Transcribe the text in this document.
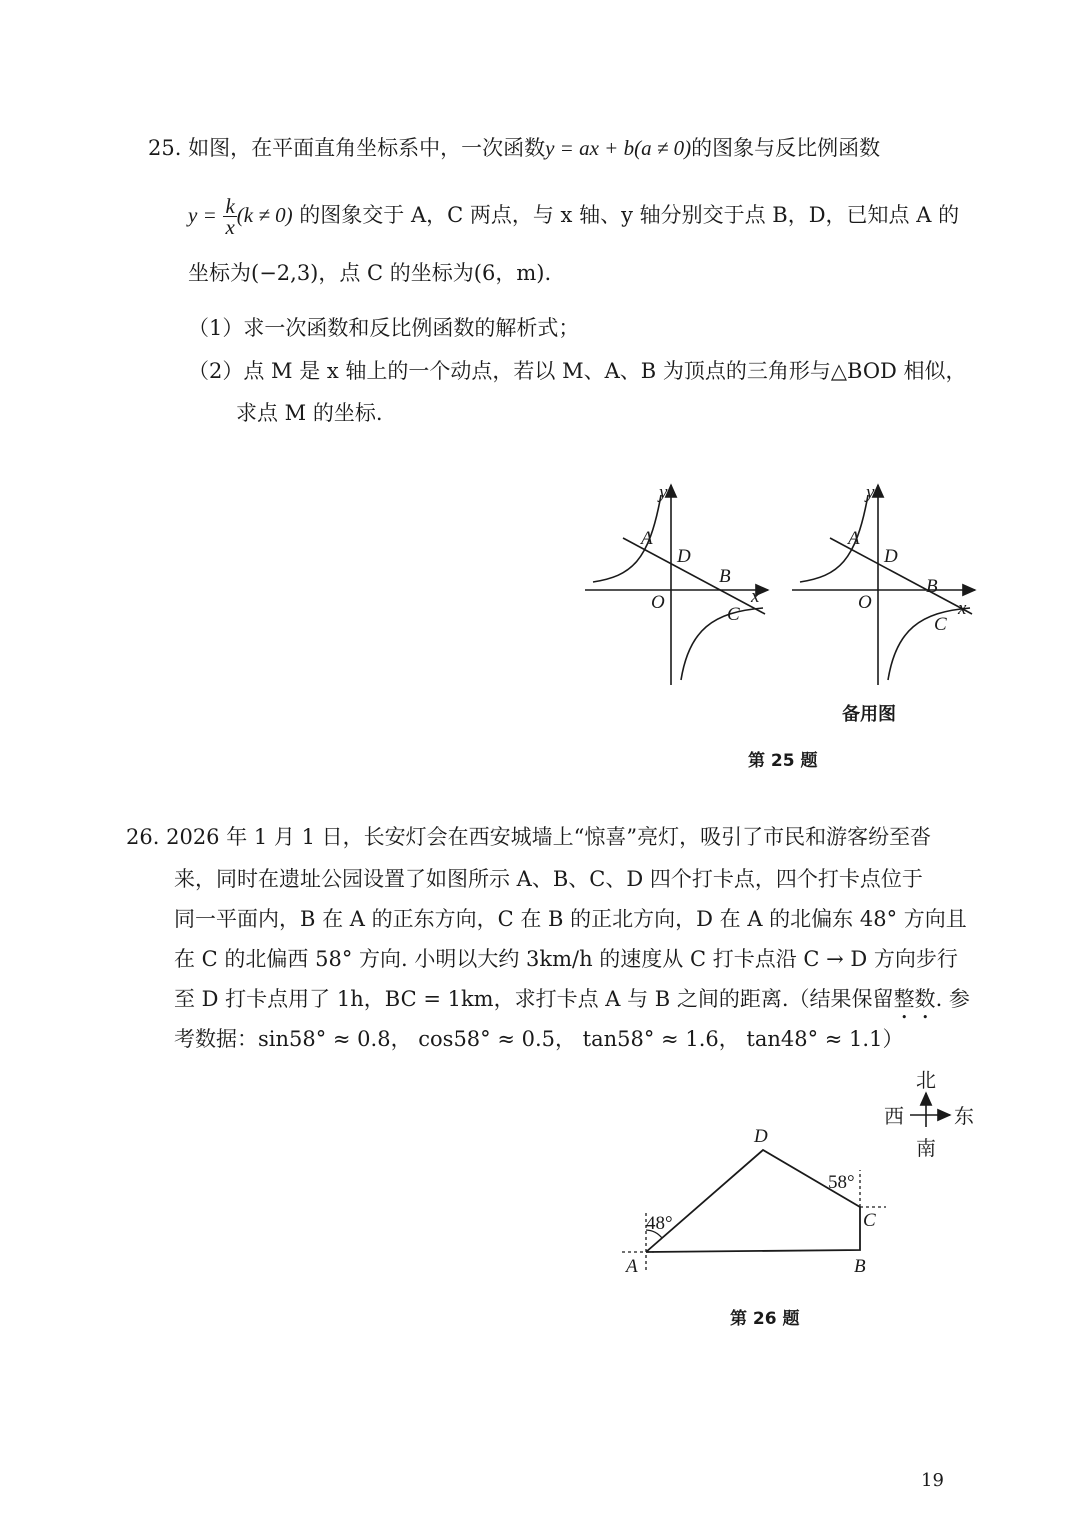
25. 如图，在平面直角坐标系中，一次函数y = ax + b(a ≠ 0)的图象与反比例函数
$y = \frac{k}{x} (k \ne 0)$ 的图象交于 A，C 两点，与 x 轴、y 轴分别交于点 B，D，已知点 A 的
坐标为(−2,3)，点 C 的坐标为(6，m).
（1）求一次函数和反比例函数的解析式；
（2）点 M 是 x 轴上的一个动点，若以 M、A、B 为顶点的三角形与△BOD 相似，
求点 M 的坐标.
A
D
B
O
C
x
y
A
D
B
O
C
x
y
备用图
第 25 题
26. 2026 年 1 月 1 日，长安灯会在西安城墙上“惊喜”亮灯，吸引了市民和游客纷至沓
来，同时在遗址公园设置了如图所示 A、B、C、D 四个打卡点，四个打卡点位于
同一平面内，B 在 A 的正东方向，C 在 B 的正北方向，D 在 A 的北偏东 48° 方向且
在 C 的北偏西 58° 方向. 小明以大约 3km/h 的速度从 C 打卡点沿 C → D 方向步行
至 D 打卡点用了 1h，BC = 1km，求打卡点 A 与 B 之间的距离.（结果保留整数. 参
考数据：sin58° ≈ 0.8， cos58° ≈ 0.5， tan58° ≈ 1.6， tan48° ≈ 1.1）
北
西	东
南
48°
58°
D
C
B
A
第 26 题
19
